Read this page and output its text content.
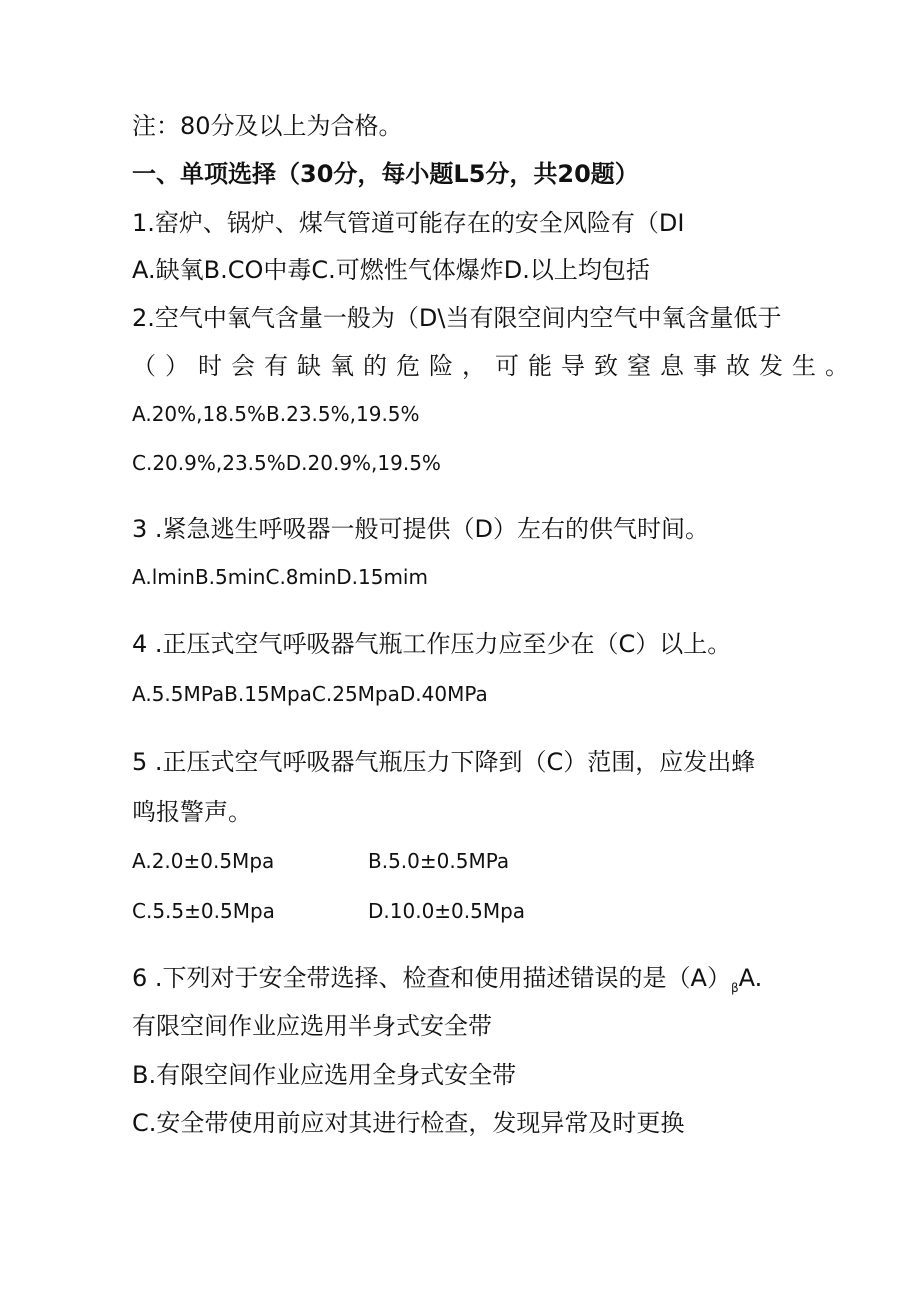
注：80分及以上为合格。
一、单项选择（30分，每小题L5分，共20题）
1.窑炉、锅炉、煤气管道可能存在的安全风险有（DI
A.缺氧B.CO中毒C.可燃性气体爆炸D.以上均包括
2.空气中氧气含量一般为（D\当有限空间内空气中氧含量低于
（）时会有缺氧的危险，可能导致窒息事故发生。
A.20%,18.5%B.23.5%,19.5%
C.20.9%,23.5%D.20.9%,19.5%
3 .紧急逃生呼吸器一般可提供（D）左右的供气时间。
A.lminB.5minC.8minD.15mim
4 .正压式空气呼吸器气瓶工作压力应至少在（C）以上。
A.5.5MPaB.15MpaC.25MpaD.40MPa
5 .正压式空气呼吸器气瓶压力下降到（C）范围，应发出蜂
鸣报警声。
A.2.0±0.5Mpa	B.5.0±0.5MPa
C.5.5±0.5Mpa	D.10.0±0.5Mpa
6 .下列对于安全带选择、检查和使用描述错误的是$(A)_\beta A$.
有限空间作业应选用半身式安全带
B.有限空间作业应选用全身式安全带
C.安全带使用前应对其进行检查，发现异常及时更换
